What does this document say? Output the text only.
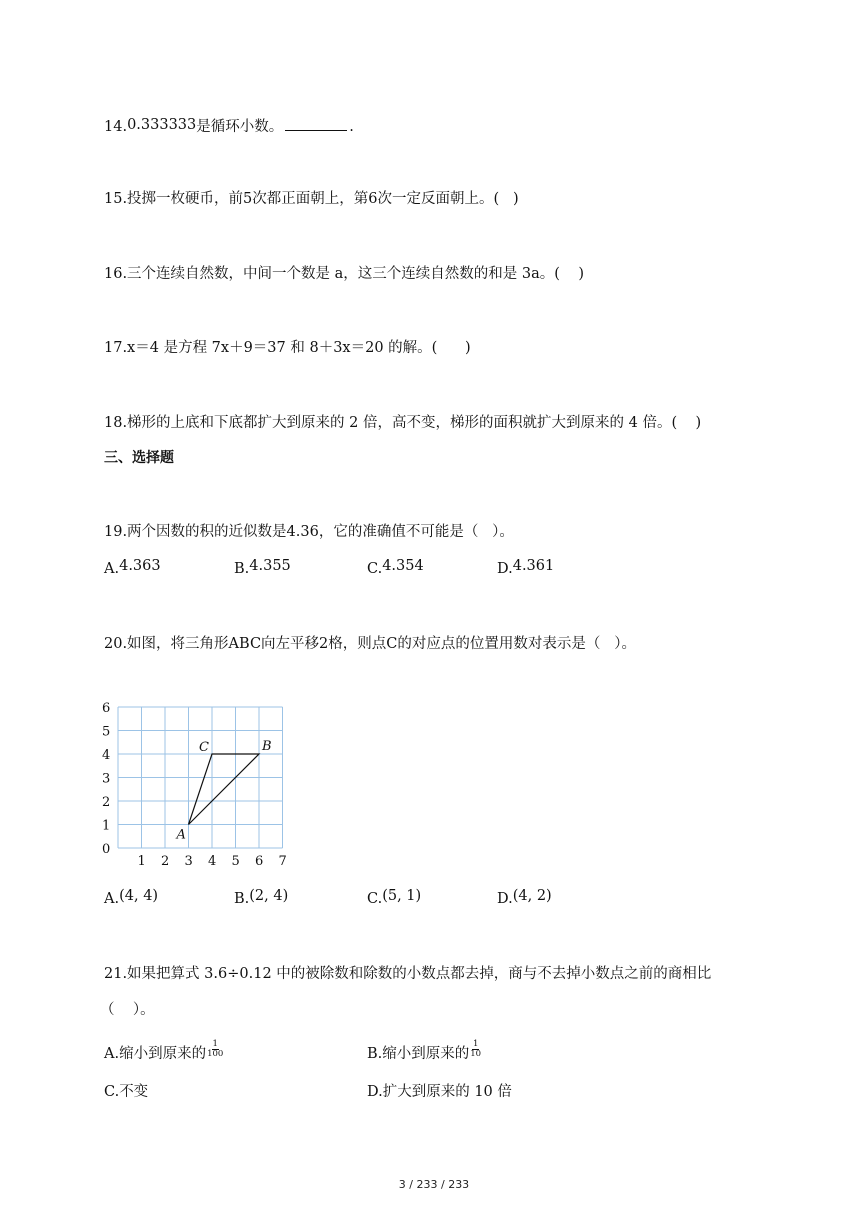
14.0.333333是循环小数。	.
15.投掷一枚硬币，前5次都正面朝上，第6次一定反面朝上。(   )
16.三个连续自然数，中间一个数是 a，这三个连续自然数的和是 3a。(    )
17.x＝4 是方程 7x＋9＝37 和 8＋3x＝20 的解。(      )
18.梯形的上底和下底都扩大到原来的 2 倍，高不变，梯形的面积就扩大到原来的 4 倍。(    )
三、选择题
19.两个因数的积的近似数是4.36，它的准确值不可能是（   ）。
A.4.363	B.4.355	C.4.354	D.4.361
20.如图，将三角形ABC向左平移2格，则点C的对应点的位置用数对表示是（   ）。
0
1
2
3
4
5
6
1 2 3 4 5 6 7
A
B
C
A.(4, 4)	B.(2, 4)	C.(5, 1)	D.(4, 2)
21.如果把算式 3.6÷0.12 中的被除数和除数的小数点都去掉，商与不去掉小数点之前的商相比
（    ）。
A.缩小到原来的 $\frac{1}{100}$	B.缩小到原来的 $\frac{1}{10}$
C.不变	D.扩大到原来的 10 倍
3 / 233 / 233
